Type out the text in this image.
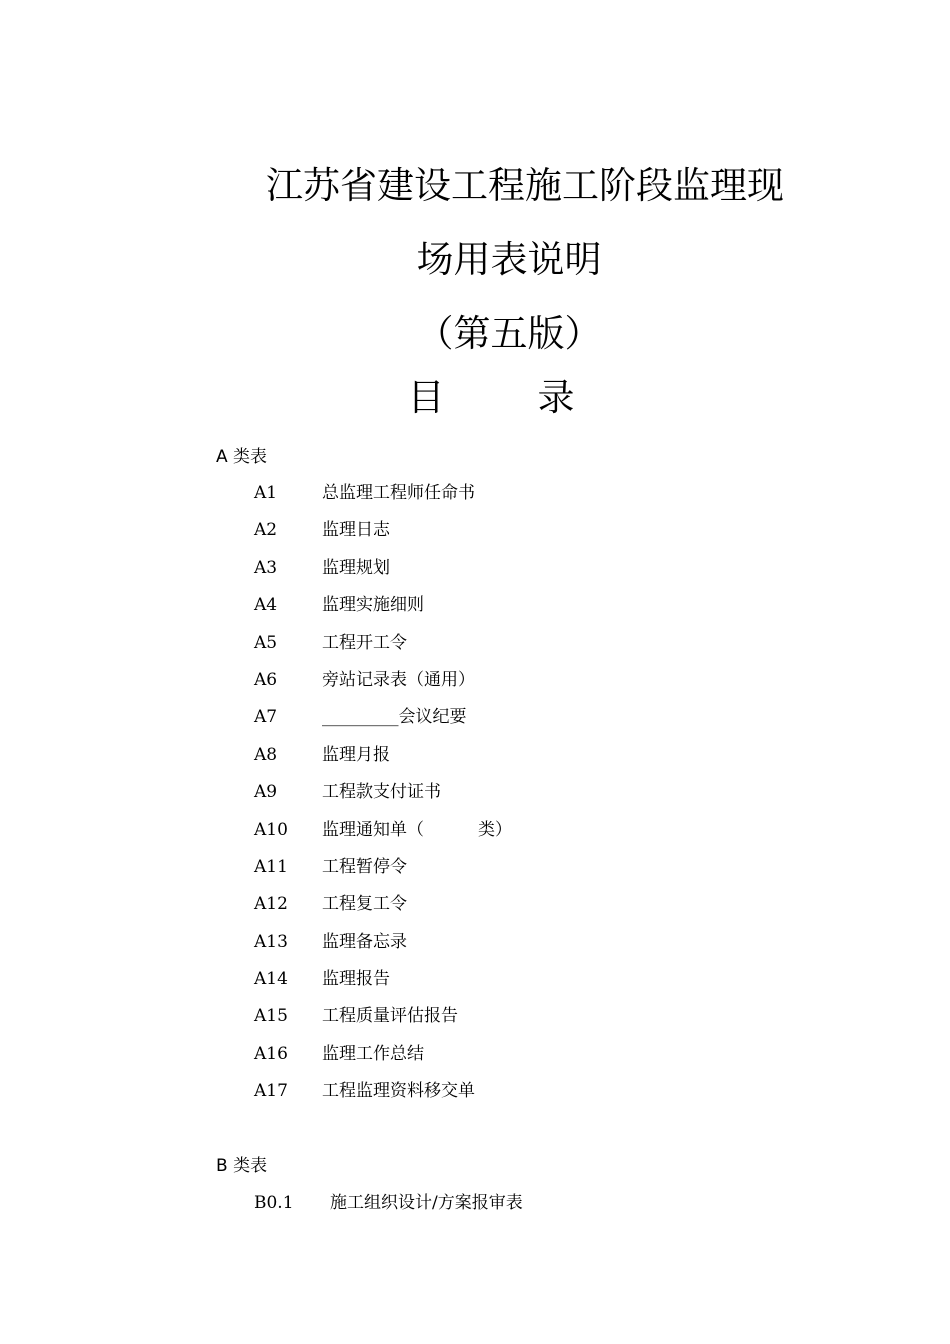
江苏省建设工程施工阶段监理现
场用表说明
（第五版）
目　录
A 类表
A1	总监理工程师任命书
A2	监理日志
A3	监理规划
A4	监理实施细则
A5	工程开工令
A6	旁站记录表（通用）
A7	_________会议纪要
A8	监理月报
A9	工程款支付证书
A10 监理通知单（          类）
A11 工程暂停令
A12 工程复工令
A13 监理备忘录
A14 监理报告
A15 工程质量评估报告
A16 监理工作总结
A17 工程监理资料移交单
B 类表
B0.1 施工组织设计/方案报审表
